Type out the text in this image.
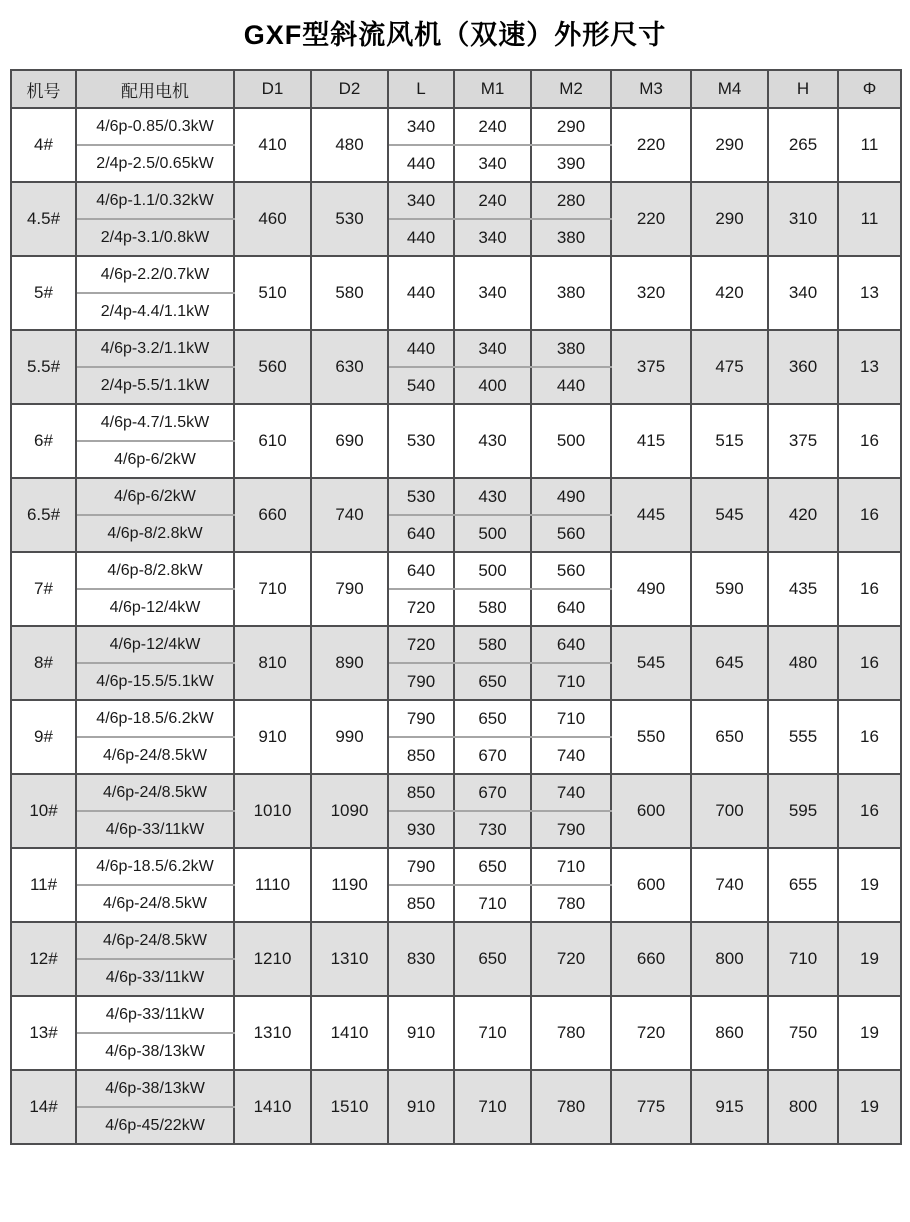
GXF型斜流风机（双速）外形尺寸
机号	配用电机	D1	D2	L	M1	M2	M3	M4	H	Φ
4#	4/6p-0.85/0.3kW	410	480	340	240	290	220	290	265	11
	2/4p-2.5/0.65kW			440	340	390				
4.5#	4/6p-1.1/0.32kW	460	530	340	240	280	220	290	310	11
	2/4p-3.1/0.8kW			440	340	380				
5#	4/6p-2.2/0.7kW	510	580	440	340	380	320	420	340	13
	2/4p-4.4/1.1kW									
5.5#	4/6p-3.2/1.1kW	560	630	440	340	380	375	475	360	13
	2/4p-5.5/1.1kW			540	400	440				
6#	4/6p-4.7/1.5kW	610	690	530	430	500	415	515	375	16
	4/6p-6/2kW									
6.5#	4/6p-6/2kW	660	740	530	430	490	445	545	420	16
	4/6p-8/2.8kW			640	500	560				
7#	4/6p-8/2.8kW	710	790	640	500	560	490	590	435	16
	4/6p-12/4kW			720	580	640				
8#	4/6p-12/4kW	810	890	720	580	640	545	645	480	16
	4/6p-15.5/5.1kW			790	650	710				
9#	4/6p-18.5/6.2kW	910	990	790	650	710	550	650	555	16
	4/6p-24/8.5kW			850	670	740				
10#	4/6p-24/8.5kW	1010	1090	850	670	740	600	700	595	16
	4/6p-33/11kW			930	730	790				
11#	4/6p-18.5/6.2kW	1110	1190	790	650	710	600	740	655	19
	4/6p-24/8.5kW			850	710	780				
12#	4/6p-24/8.5kW	1210	1310	830	650	720	660	800	710	19
	4/6p-33/11kW									
13#	4/6p-33/11kW	1310	1410	910	710	780	720	860	750	19
	4/6p-38/13kW									
14#	4/6p-38/13kW	1410	1510	910	710	780	775	915	800	19
	4/6p-45/22kW									
